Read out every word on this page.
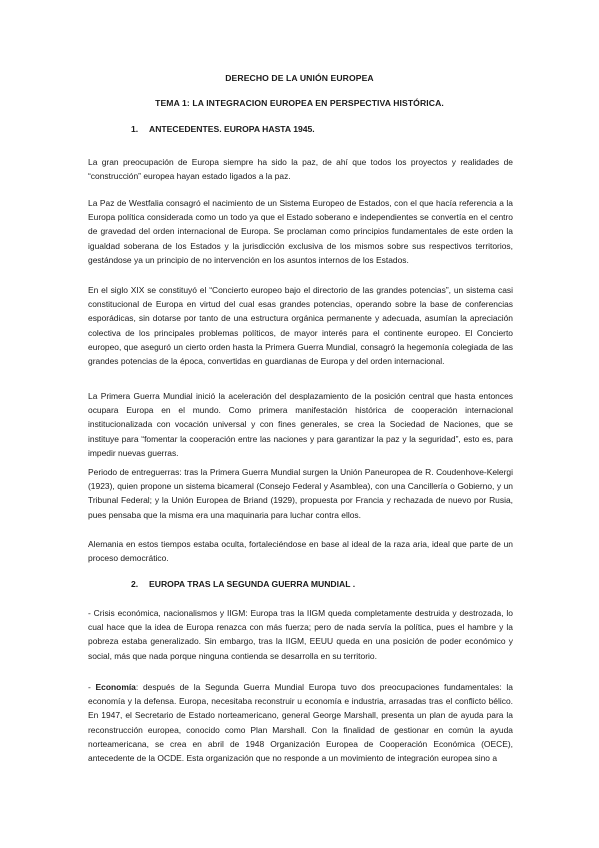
DERECHO DE LA UNIÓN EUROPEA
TEMA 1: LA INTEGRACION EUROPEA EN PERSPECTIVA HISTÓRICA.
1. ANTECEDENTES. EUROPA HASTA 1945.
La gran preocupación de Europa siempre ha sido la paz, de ahí que todos los proyectos y realidades de “construcción” europea hayan estado ligados a la paz.
La Paz de Westfalia consagró el nacimiento de un Sistema Europeo de Estados, con el que hacía referencia a la Europa política considerada como un todo ya que el Estado soberano e independientes se convertía en el centro de gravedad del orden internacional de Europa. Se proclaman como principios fundamentales de este orden la igualdad soberana de los Estados y la jurisdicción exclusiva de los mismos sobre sus respectivos territorios, gestándose ya un principio de no intervención en los asuntos internos de los Estados.
En el siglo XIX se constituyó el “Concierto europeo bajo el directorio de las grandes potencias”, un sistema casi constitucional de Europa en virtud del cual esas grandes potencias, operando sobre la base de conferencias esporádicas, sin dotarse por tanto de una estructura orgánica permanente y adecuada, asumían la apreciación colectiva de los principales problemas políticos, de mayor interés para el continente europeo. El Concierto europeo, que aseguró un cierto orden hasta la Primera Guerra Mundial, consagró la hegemonía colegiada de las grandes potencias de la época, convertidas en guardianas de Europa y del orden internacional.
La Primera Guerra Mundial inició la aceleración del desplazamiento de la posición central que hasta entonces ocupara Europa en el mundo. Como primera manifestación histórica de cooperación internacional institucionalizada con vocación universal y con fines generales, se crea la Sociedad de Naciones, que se instituye para “fomentar la cooperación entre las naciones y para garantizar la paz y la seguridad”, esto es, para impedir nuevas guerras.
Periodo de entreguerras: tras la Primera Guerra Mundial surgen la Unión Paneuropea de R. Coudenhove-Kelergi (1923), quien propone un sistema bicameral (Consejo Federal y Asamblea), con una Cancillería o Gobierno, y un Tribunal Federal; y la Unión Europea de Briand (1929), propuesta por Francia y rechazada de nuevo por Rusia, pues pensaba que la misma era una maquinaria para luchar contra ellos.
Alemania en estos tiempos estaba oculta, fortaleciéndose en base al ideal de la raza aria, ideal que parte de un proceso democrático.
2. EUROPA TRAS LA SEGUNDA GUERRA MUNDIAL .
- Crisis económica, nacionalismos y IIGM: Europa tras la IIGM queda completamente destruida y destrozada, lo cual hace que la idea de Europa renazca con más fuerza; pero de nada servía la política, pues el hambre y la pobreza estaba generalizado. Sin embargo, tras la IIGM, EEUU queda en una posición de poder económico y social, más que nada porque ninguna contienda se desarrolla en su territorio.
- Economía: después de la Segunda Guerra Mundial Europa tuvo dos preocupaciones fundamentales: la economía y la defensa. Europa, necesitaba reconstruir u economía e industria, arrasadas tras el conflicto bélico. En 1947, el Secretario de Estado norteamericano, general George Marshall, presenta un plan de ayuda para la reconstrucción europea, conocido como Plan Marshall. Con la finalidad de gestionar en común la ayuda norteamericana, se crea en abril de 1948 Organización Europea de Cooperación Económica (OECE), antecedente de la OCDE. Esta organización que no responde a un movimiento de integración europea sino a
